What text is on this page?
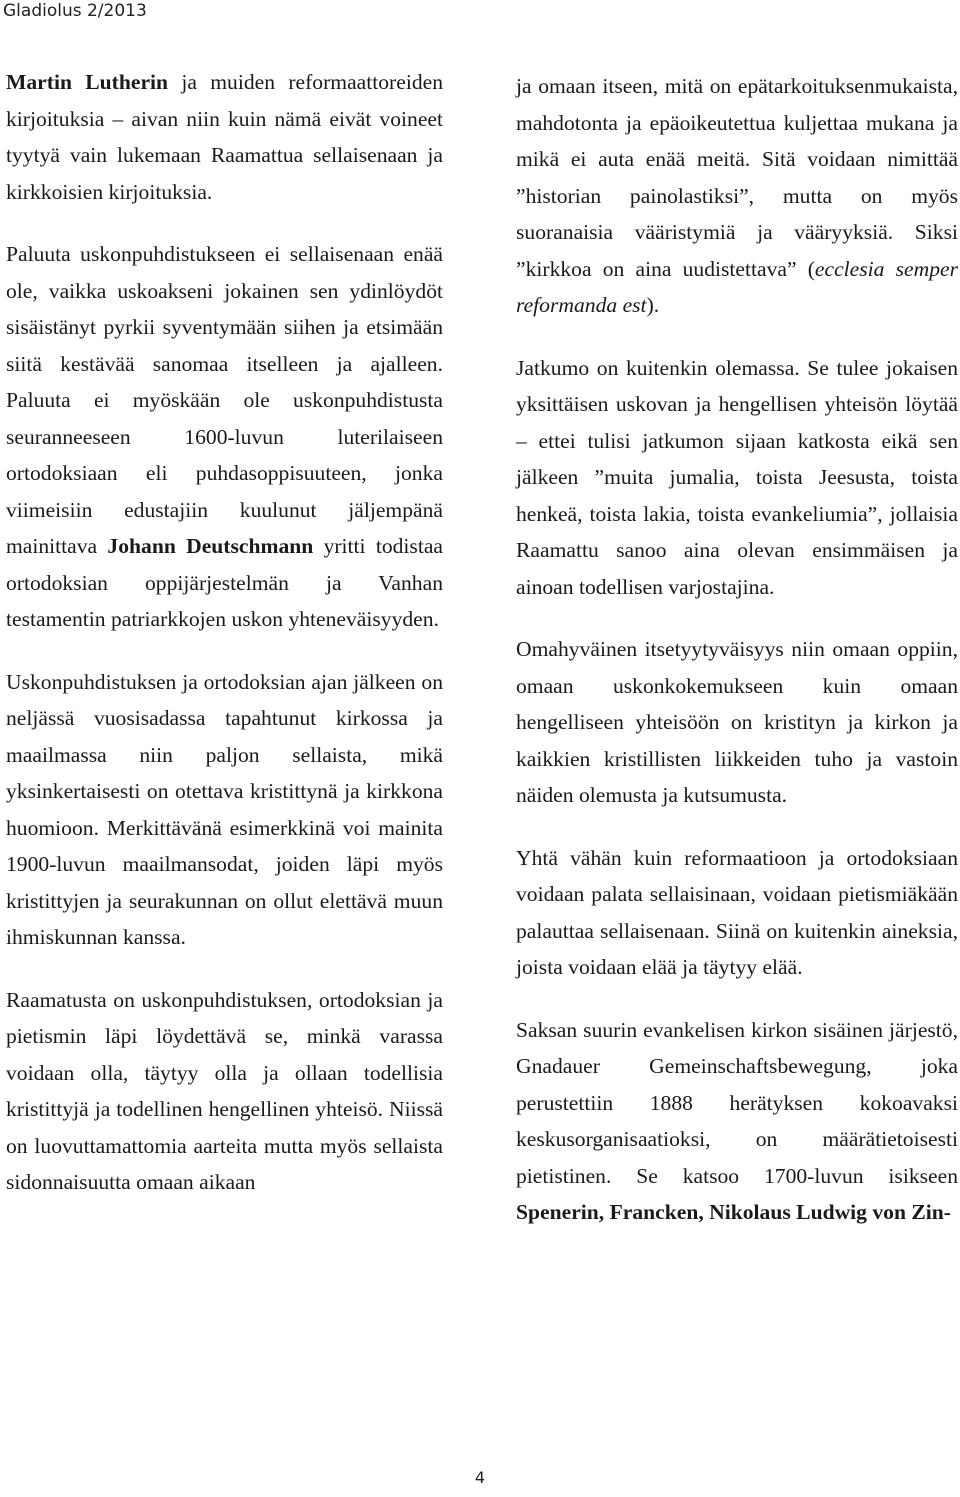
Gladiolus 2/2013

Martin Lutherin ja muiden reformaattoreiden kirjoituksia – aivan niin kuin nämä eivät voineet tyytyä vain lukemaan Raamattua sellaisenaan ja kirkkoisien kirjoituksia.

Paluuta uskonpuhdistukseen ei sellaisenaan enää ole, vaikka uskoakseni jokainen sen ydinlöydöt sisäistänyt pyrkii syventymään siihen ja etsimään siitä kestävää sanomaa itselleen ja ajalleen. Paluuta ei myöskään ole uskonpuhdistusta seuranneeseen 1600-luvun luterilaiseen ortodoksiaan eli puhdasoppisuuteen, jonka viimeisiin edustajiin kuulunut jäljempänä mainittava Johann Deutschmann yritti todistaa ortodoksian oppijärjestelmän ja Vanhan testamentin patriarkkojen uskon yhteneväisyyden.

Uskonpuhdistuksen ja ortodoksian ajan jälkeen on neljässä vuosisadassa tapahtunut kirkossa ja maailmassa niin paljon sellaista, mikä yksinkertaisesti on otettava kristittynä ja kirkkona huomioon. Merkittävänä esimerkkinä voi mainita 1900-luvun maailmansodat, joiden läpi myös kristittyjen ja seurakunnan on ollut elettävä muun ihmiskunnan kanssa.

Raamatusta on uskonpuhdistuksen, ortodoksian ja pietismin läpi löydettävä se, minkä varassa voidaan olla, täytyy olla ja ollaan todellisia kristittyjä ja todellinen hengellinen yhteisö. Niissä on luovuttamattomia aarteita mutta myös sellaista sidonnaisuutta omaan aikaan

ja omaan itseen, mitä on epätarkoituksenmukaista, mahdotonta ja epäoikeutettua kuljettaa mukana ja mikä ei auta enää meitä. Sitä voidaan nimittää ”historian painolastiksi”, mutta on myös suoranaisia vääristymiä ja vääryyksiä. Siksi ”kirkkoa on aina uudistettava” (ecclesia semper reformanda est).

Jatkumo on kuitenkin olemassa. Se tulee jokaisen yksittäisen uskovan ja hengellisen yhteisön löytää – ettei tulisi jatkumon sijaan katkosta eikä sen jälkeen ”muita jumalia, toista Jeesusta, toista henkeä, toista lakia, toista evankeliumia”, jollaisia Raamattu sanoo aina olevan ensimmäisen ja ainoan todellisen varjostajina.

Omahyväinen itsetyytyväisyys niin omaan oppiin, omaan uskonkokemukseen kuin omaan hengelliseen yhteisöön on kristityn ja kirkon ja kaikkien kristillisten liikkeiden tuho ja vastoin näiden olemusta ja kutsumusta.

Yhtä vähän kuin reformaatioon ja ortodoksiaan voidaan palata sellaisinaan, voidaan pietismiäkään palauttaa sellaisenaan. Siinä on kuitenkin aineksia, joista voidaan elää ja täytyy elää.

Saksan suurin evankelisen kirkon sisäinen järjestö, Gnadauer Gemeinschaftsbewegung, joka perustettiin 1888 herätyksen kokoavaksi keskusorganisaatioksi, on määrätietoisesti pietistinen. Se katsoo 1700-luvun isikseen Spenerin, Francken, Nikolaus Ludwig von Zin-

4
